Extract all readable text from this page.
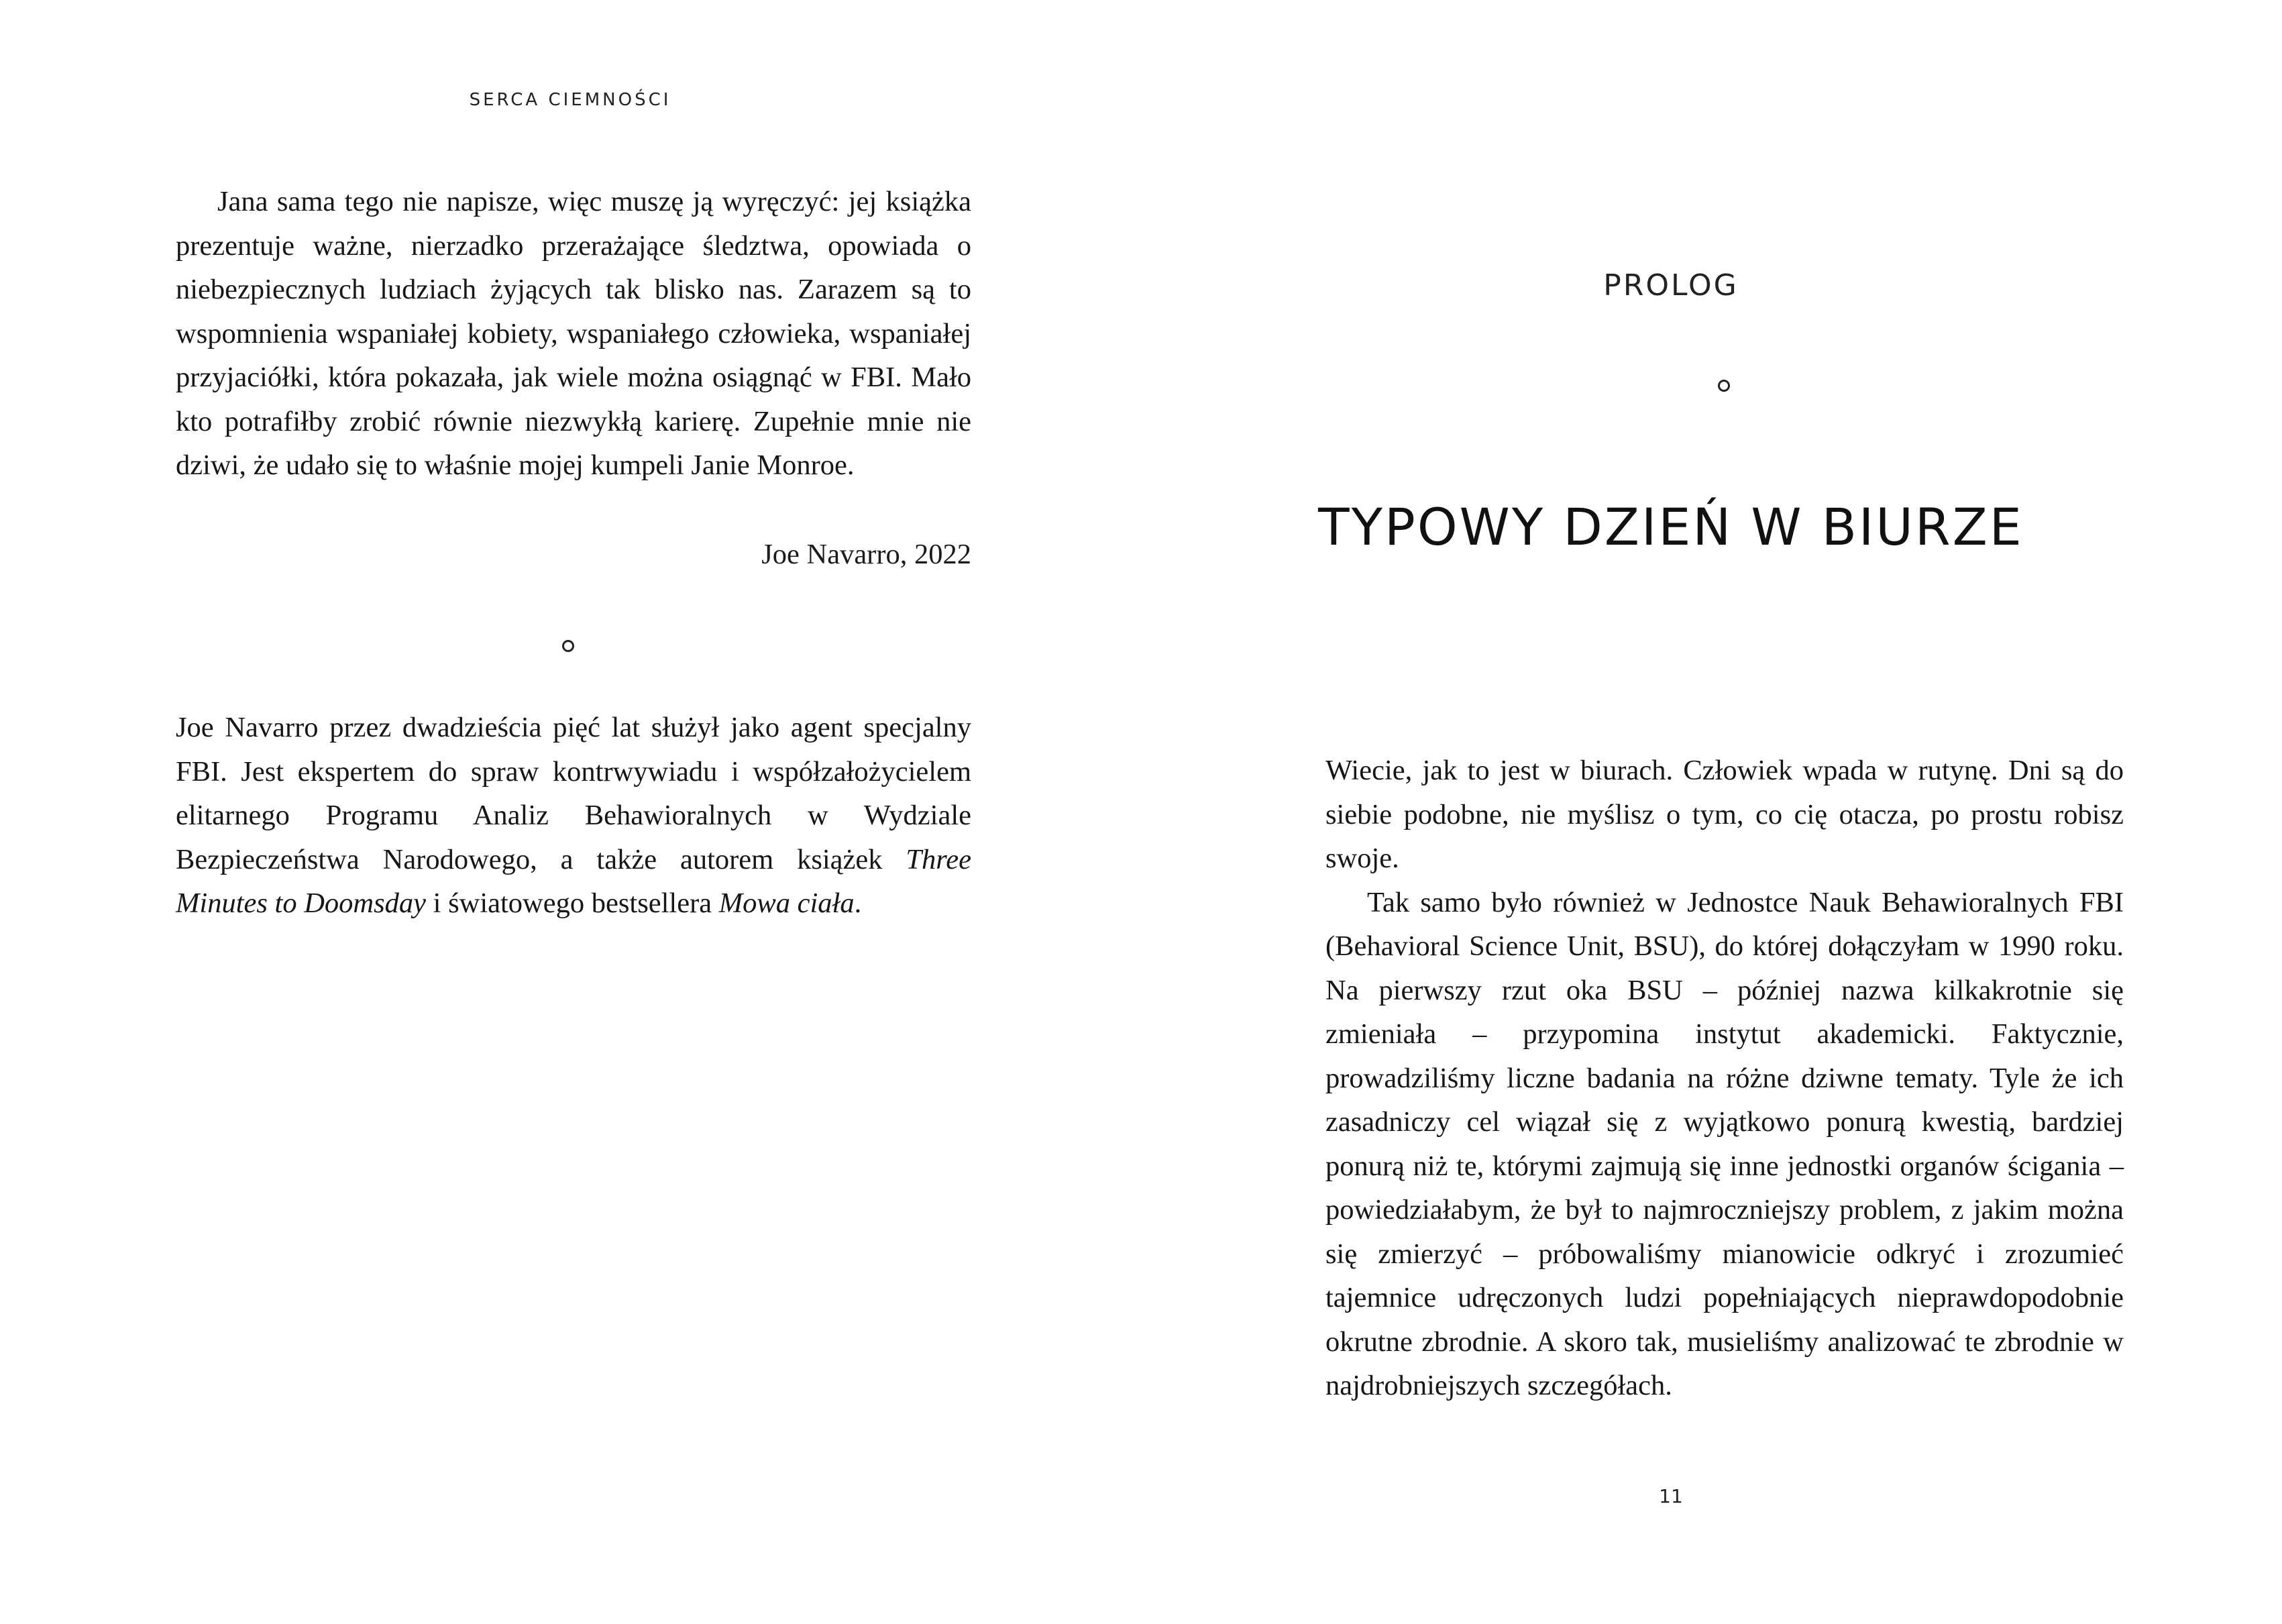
SERCA CIEMNOŚCI

Jana sama tego nie napisze, więc muszę ją wyręczyć: jej książka prezentuje ważne, nierzadko przerażające śledztwa, opowiada o niebezpiecznych ludziach żyjących tak blisko nas. Zarazem są to wspomnienia wspaniałej kobiety, wspaniałego człowieka, wspaniałej przyjaciółki, która pokazała, jak wiele można osiągnąć w FBI. Mało kto potrafiłby zrobić równie niezwykłą karierę. Zupełnie mnie nie dziwi, że udało się to właśnie mojej kumpeli Janie Monroe.

Joe Navarro, 2022

Joe Navarro przez dwadzieścia pięć lat służył jako agent specjalny FBI. Jest ekspertem do spraw kontrwywiadu i współzałożycielem elitarnego Programu Analiz Behawioralnych w Wydziale Bezpieczeństwa Narodowego, a także autorem książek Three Minutes to Doomsday i światowego bestsellera Mowa ciała.

PROLOG
TYPOWY DZIEŃ W BIURZE

Wiecie, jak to jest w biurach. Człowiek wpada w rutynę. Dni są do siebie podobne, nie myślisz o tym, co cię otacza, po prostu robisz swoje.

Tak samo było również w Jednostce Nauk Behawioralnych FBI (Behavioral Science Unit, BSU), do której dołączyłam w 1990 roku. Na pierwszy rzut oka BSU – później nazwa kilkakrotnie się zmieniała – przypomina instytut akademicki. Faktycznie, prowadziliśmy liczne badania na różne dziwne tematy. Tyle że ich zasadniczy cel wiązał się z wyjątkowo ponurą kwestią, bardziej ponurą niż te, którymi zajmują się inne jednostki organów ścigania – powiedziałabym, że był to najmroczniejszy problem, z jakim można się zmierzyć – próbowaliśmy mianowicie odkryć i zrozumieć tajemnice udręczonych ludzi popełniających nieprawdopodobnie okrutne zbrodnie. A skoro tak, musieliśmy analizować te zbrodnie w najdrobniejszych szczegółach.

11
